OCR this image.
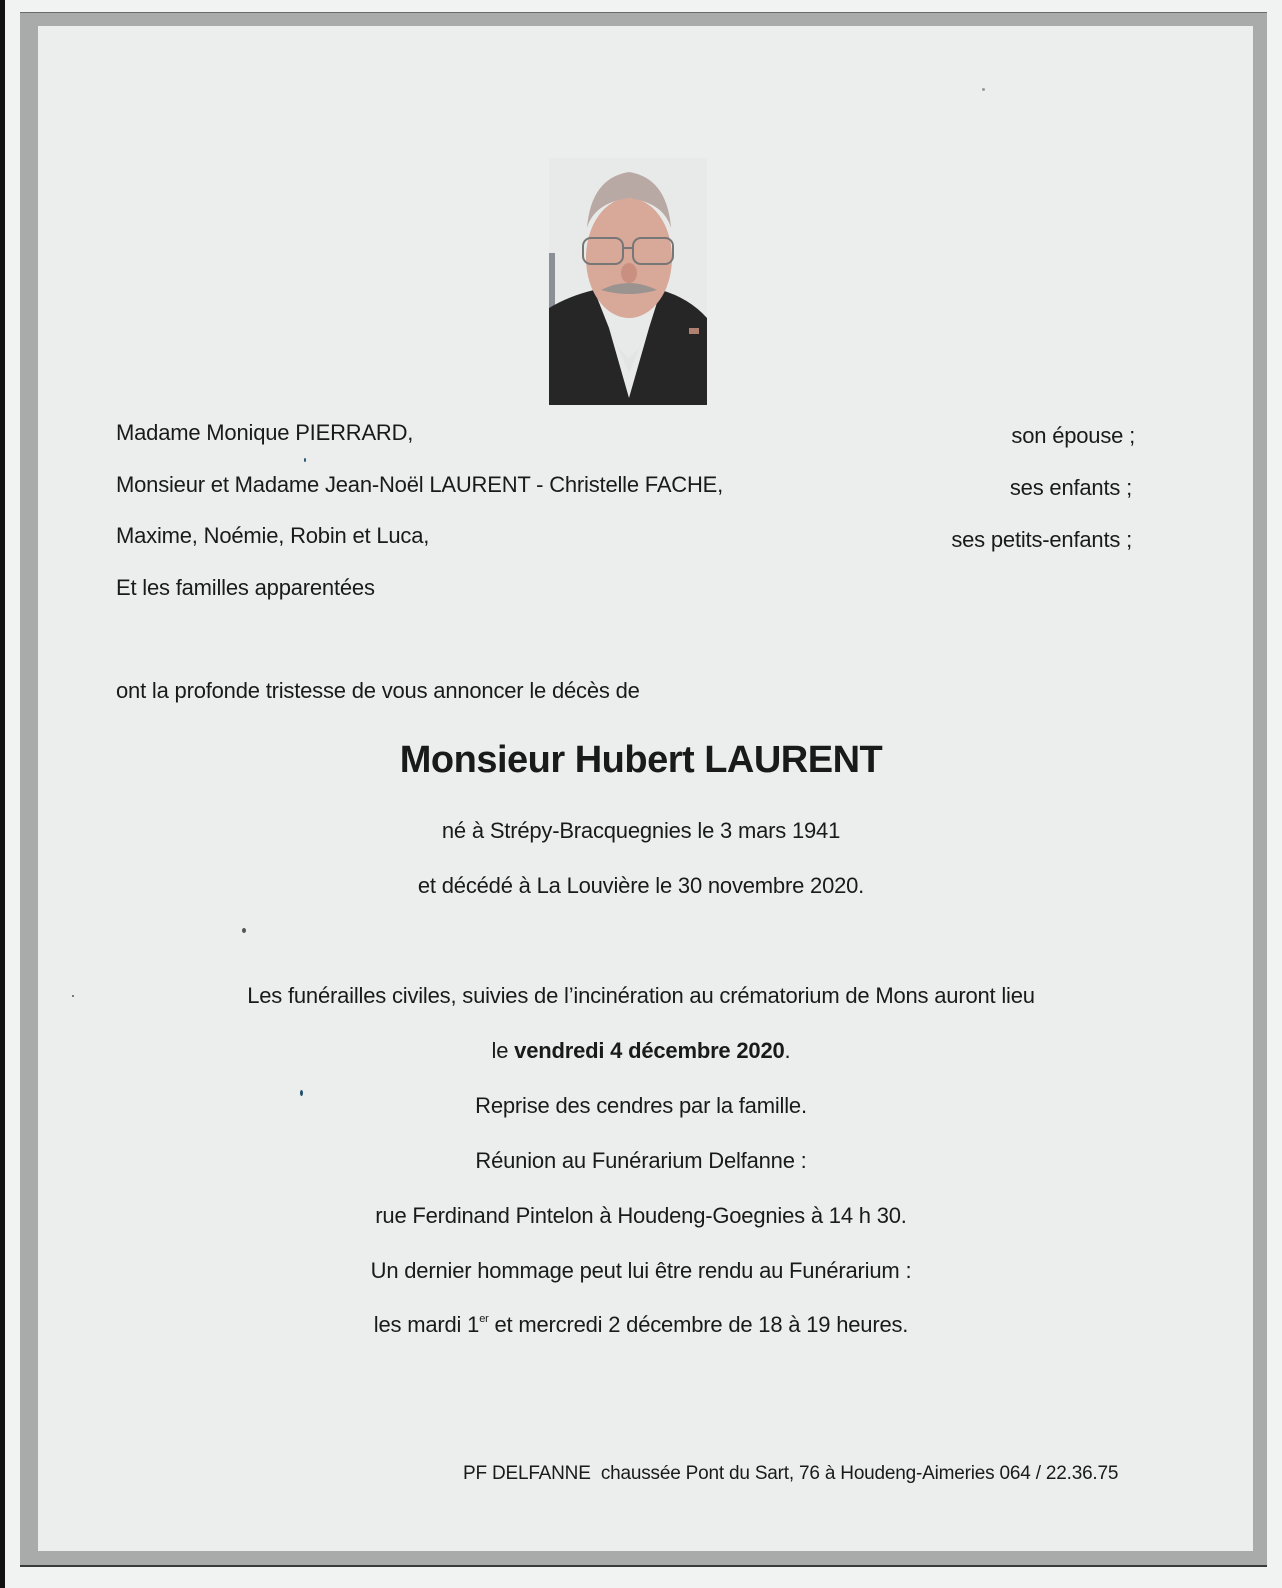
Madame Monique PIERRARD,	son épouse ;
Monsieur et Madame Jean-Noël LAURENT - Christelle FACHE,	ses enfants ;
Maxime, Noémie, Robin et Luca,	ses petits-enfants ;
Et les familles apparentées
ont la profonde tristesse de vous annoncer le décès de
Monsieur Hubert LAURENT
né à Strépy-Bracquegnies le 3 mars 1941
et décédé à La Louvière le 30 novembre 2020.
Les funérailles civiles, suivies de l’incinération au crématorium de Mons auront lieu
le vendredi 4 décembre 2020.
Reprise des cendres par la famille.
Réunion au Funérarium Delfanne :
rue Ferdinand Pintelon à Houdeng-Goegnies à 14 h 30.
Un dernier hommage peut lui être rendu au Funérarium :
les mardi 1er et mercredi 2 décembre de 18 à 19 heures.
PF DELFANNE chaussée Pont du Sart, 76 à Houdeng-Aimeries 064 / 22.36.75
